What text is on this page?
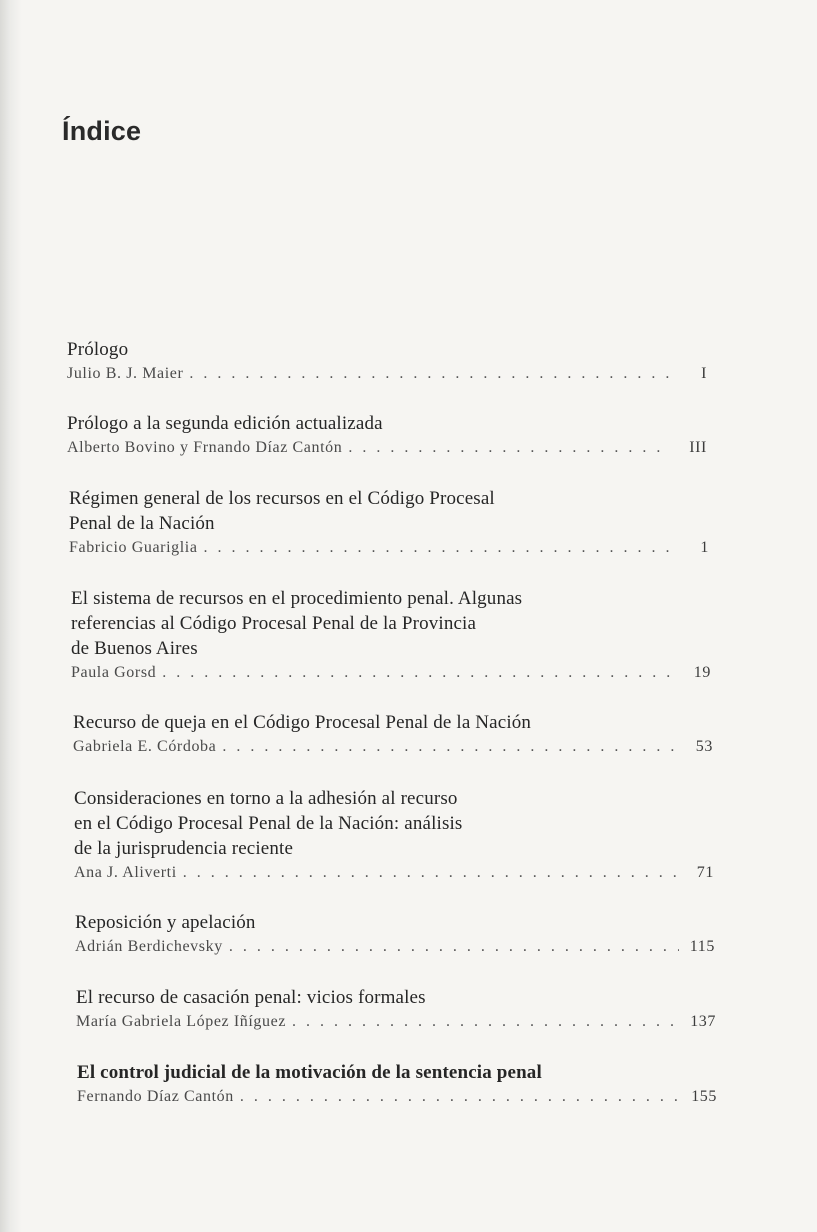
Índice
Prólogo
Julio B. J. Maier . . .	I
Prólogo a la segunda edición actualizada
Alberto Bovino y Frnando Díaz Cantón . . .	III
Régimen general de los recursos en el Código Procesal
Penal de la Nación
Fabricio Guariglia . . .	1
El sistema de recursos en el procedimiento penal. Algunas
referencias al Código Procesal Penal de la Provincia
de Buenos Aires
Paula Gorsd . . .	19
Recurso de queja en el Código Procesal Penal de la Nación
Gabriela E. Córdoba . . .	53
Consideraciones en torno a la adhesión al recurso
en el Código Procesal Penal de la Nación: análisis
de la jurisprudencia reciente
Ana J. Aliverti . . .	71
Reposición y apelación
Adrián Berdichevsky . . .	115
El recurso de casación penal: vicios formales
María Gabriela López Iñíguez . . .	137
El control judicial de la motivación de la sentencia penal
Fernando Díaz Cantón . . .	155
